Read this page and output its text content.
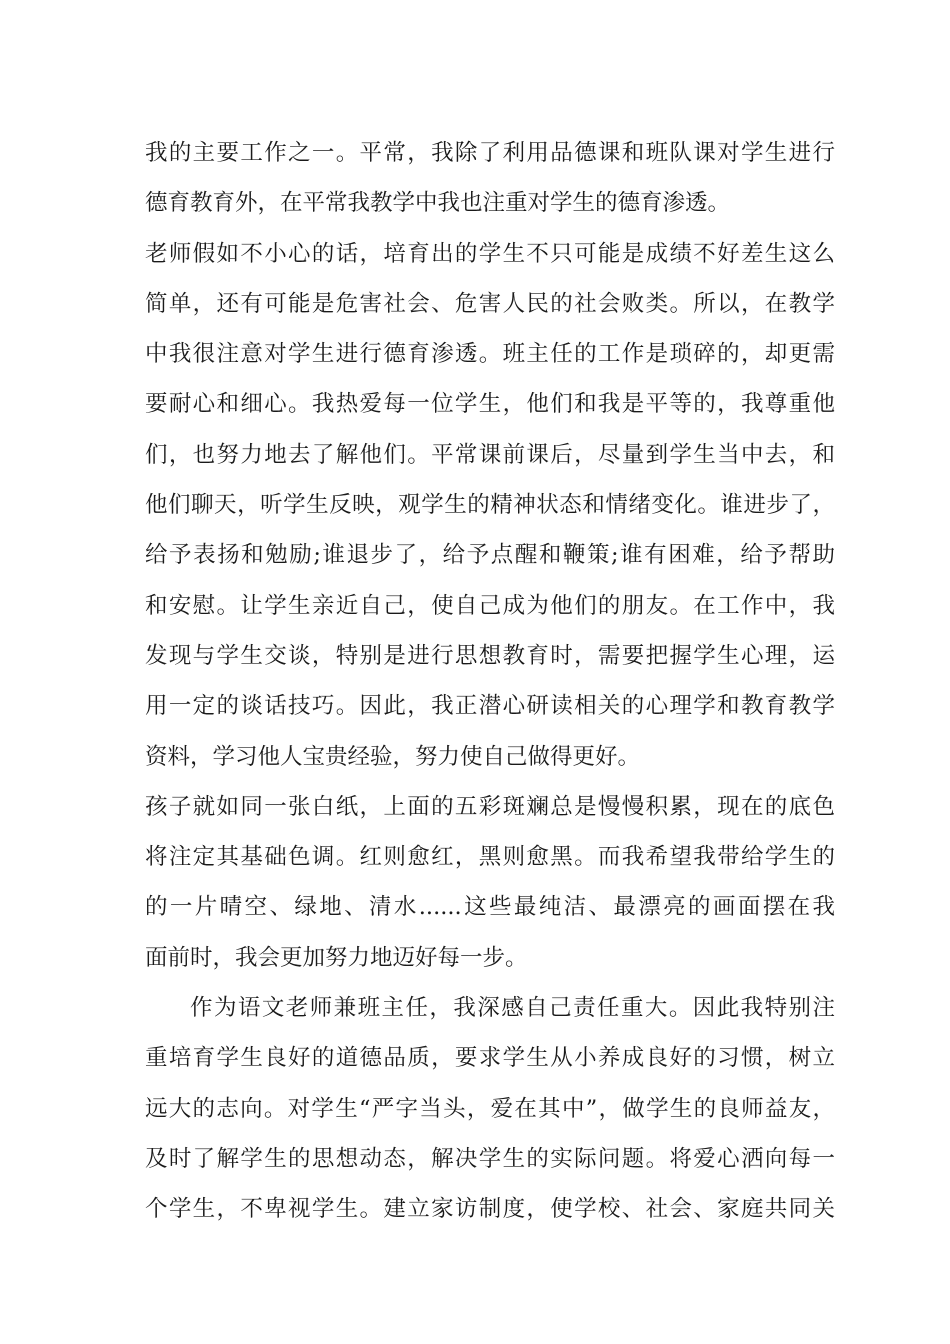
我的主要工作之一。平常，我除了利用品德课和班队课对学生进行
德育教育外，在平常我教学中我也注重对学生的德育渗透。
老师假如不小心的话，培育出的学生不只可能是成绩不好差生这么
简单，还有可能是危害社会、危害人民的社会败类。所以，在教学
中我很注意对学生进行德育渗透。班主任的工作是琐碎的，却更需
要耐心和细心。我热爱每一位学生，他们和我是平等的，我尊重他
们，也努力地去了解他们。平常课前课后，尽量到学生当中去，和
他们聊天，听学生反映，观学生的精神状态和情绪变化。谁进步了，
给予表扬和勉励;谁退步了，给予点醒和鞭策;谁有困难，给予帮助
和安慰。让学生亲近自己，使自己成为他们的朋友。在工作中，我
发现与学生交谈，特别是进行思想教育时，需要把握学生心理，运
用一定的谈话技巧。因此，我正潜心研读相关的心理学和教育教学
资料，学习他人宝贵经验，努力使自己做得更好。
孩子就如同一张白纸，上面的五彩斑斓总是慢慢积累，现在的底色
将注定其基础色调。红则愈红，黑则愈黑。而我希望我带给学生的
的一片晴空、绿地、清水......这些最纯洁、最漂亮的画面摆在我
面前时，我会更加努力地迈好每一步。
作为语文老师兼班主任，我深感自己责任重大。因此我特别注
重培育学生良好的道德品质，要求学生从小养成良好的习惯，树立
远大的志向。对学生“严字当头，爱在其中”，做学生的良师益友，
及时了解学生的思想动态，解决学生的实际问题。将爱心洒向每一
个学生，不卑视学生。建立家访制度，使学校、社会、家庭共同关
